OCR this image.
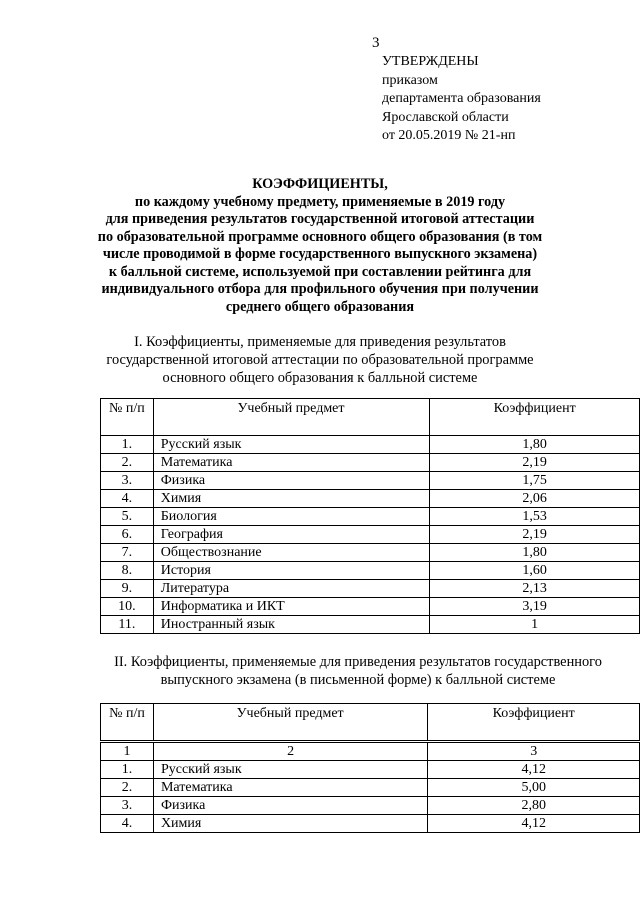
3
УТВЕРЖДЕНЫ
приказом
департамента образования
Ярославской области
от 20.05.2019 № 21-нп
КОЭФФИЦИЕНТЫ,
по каждому учебному предмету, применяемые в 2019 году
для приведения результатов государственной итоговой аттестации
по образовательной программе основного общего образования (в том
числе проводимой в форме государственного выпускного экзамена)
к балльной системе, используемой при составлении рейтинга для
индивидуального отбора для профильного обучения при получении
среднего общего образования
I. Коэффициенты, применяемые для приведения результатов
государственной итоговой аттестации по образовательной программе
основного общего образования к балльной системе
№ п/п	Учебный предмет	Коэффициент
1.	Русский язык	1,80
2.	Математика	2,19
3.	Физика	1,75
4.	Химия	2,06
5.	Биология	1,53
6.	География	2,19
7.	Обществознание	1,80
8.	История	1,60
9.	Литература	2,13
10.	Информатика и ИКТ	3,19
11.	Иностранный язык	1
II. Коэффициенты, применяемые для приведения результатов государственного
выпускного экзамена (в письменной форме) к балльной системе
№ п/п	Учебный предмет	Коэффициент
1	2	3
1.	Русский язык	4,12
2.	Математика	5,00
3.	Физика	2,80
4.	Химия	4,12
